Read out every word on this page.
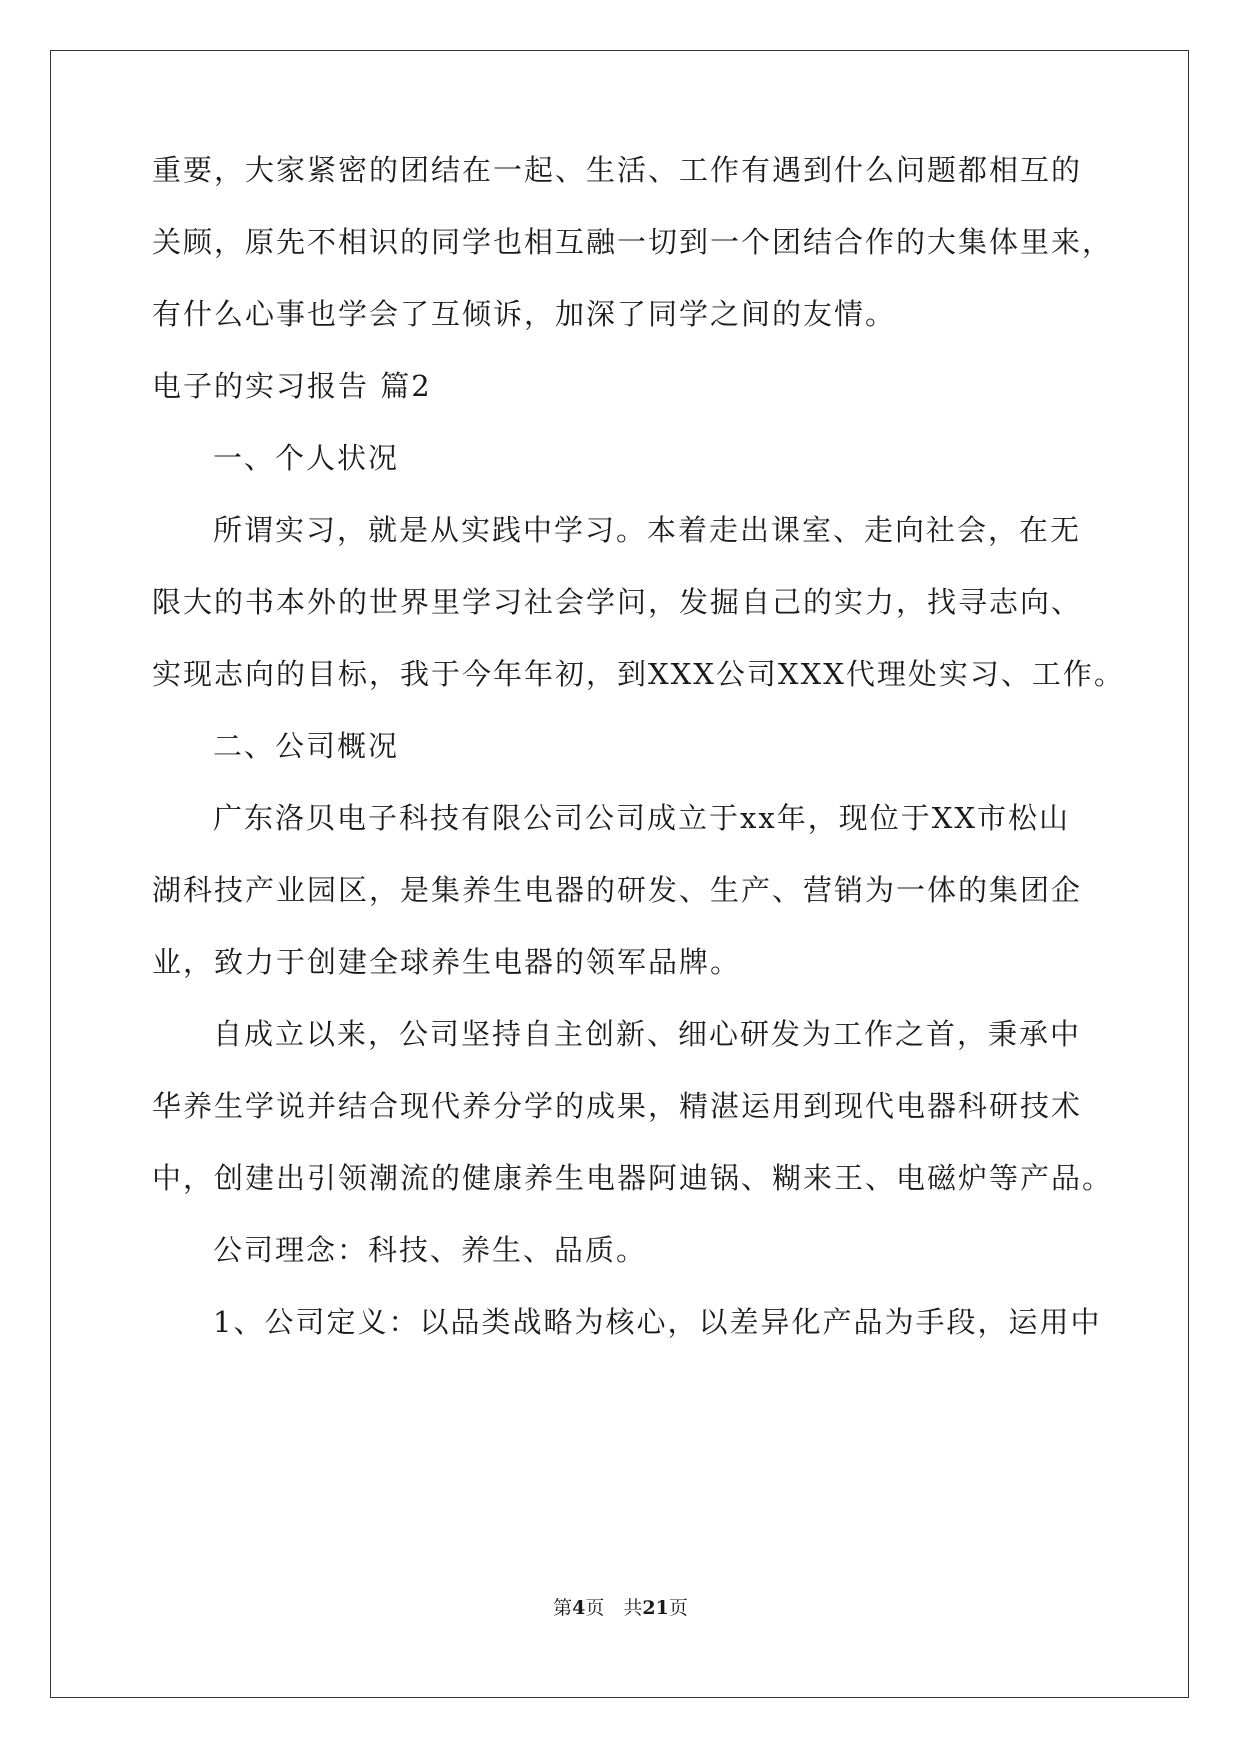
重要，大家紧密的团结在一起、生活、工作有遇到什么问题都相互的
关顾，原先不相识的同学也相互融一切到一个团结合作的大集体里来，
有什么心事也学会了互倾诉，加深了同学之间的友情。
电子的实习报告 篇2
一、个人状况
所谓实习，就是从实践中学习。本着走出课室、走向社会，在无
限大的书本外的世界里学习社会学问，发掘自己的实力，找寻志向、
实现志向的目标，我于今年年初，到XXX公司XXX代理处实习、工作。
二、公司概况
广东洛贝电子科技有限公司公司成立于xx年，现位于XX市松山
湖科技产业园区，是集养生电器的研发、生产、营销为一体的集团企
业，致力于创建全球养生电器的领军品牌。
自成立以来，公司坚持自主创新、细心研发为工作之首，秉承中
华养生学说并结合现代养分学的成果，精湛运用到现代电器科研技术
中，创建出引领潮流的健康养生电器阿迪锅、糊来王、电磁炉等产品。
公司理念：科技、养生、品质。
1、公司定义：以品类战略为核心，以差异化产品为手段，运用中
第4页　共21页
